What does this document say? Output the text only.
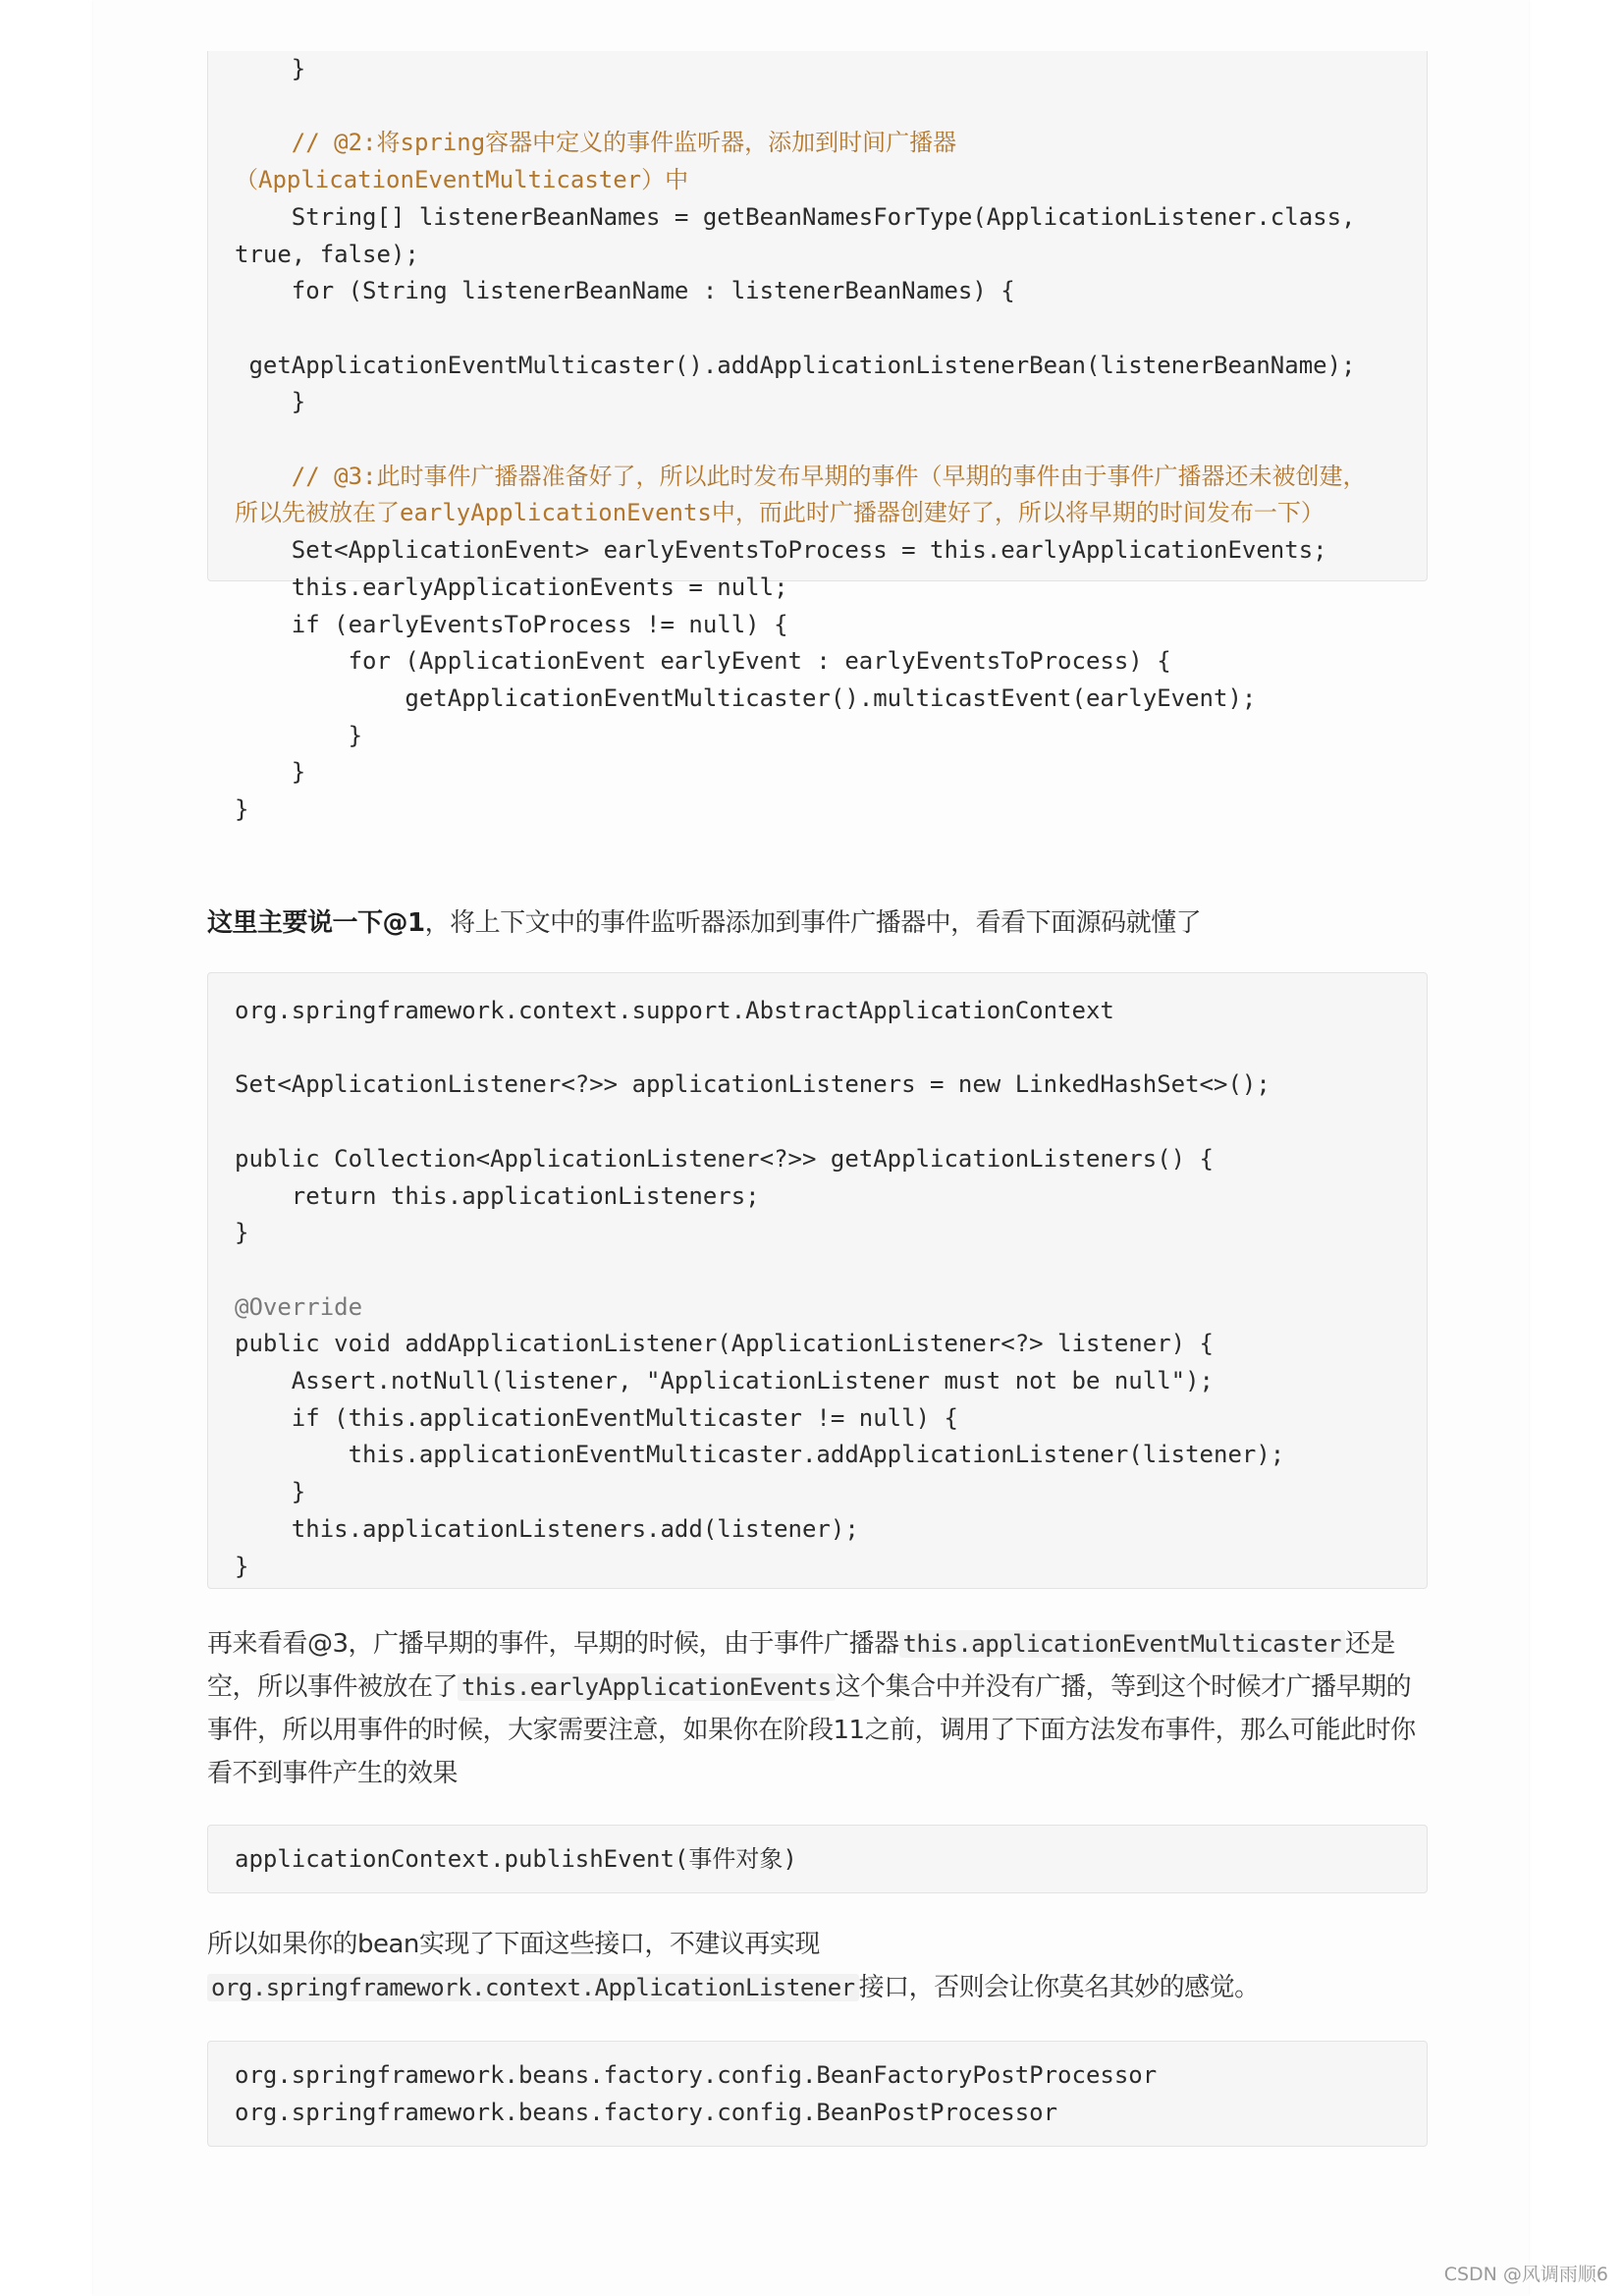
}

// @2:将spring容器中定义的事件监听器，添加到时间广播器
（ApplicationEventMulticaster）中
String[] listenerBeanNames = getBeanNamesForType(ApplicationListener.class,
true, false);
for (String listenerBeanName : listenerBeanNames) {

getApplicationEventMulticaster().addApplicationListenerBean(listenerBeanName);
}

// @3:此时事件广播器准备好了，所以此时发布早期的事件（早期的事件由于事件广播器还未被创建，
所以先被放在了earlyApplicationEvents中，而此时广播器创建好了，所以将早期的时间发布一下）
Set<ApplicationEvent> earlyEventsToProcess = this.earlyApplicationEvents;
this.earlyApplicationEvents = null;
if (earlyEventsToProcess != null) {
for (ApplicationEvent earlyEvent : earlyEventsToProcess) {
getApplicationEventMulticaster().multicastEvent(earlyEvent);
}
}
}
这里主要说一下@1，将上下文中的事件监听器添加到事件广播器中，看看下面源码就懂了
org.springframework.context.support.AbstractApplicationContext

Set<ApplicationListener<?>> applicationListeners = new LinkedHashSet<>();

public Collection<ApplicationListener<?>> getApplicationListeners() {
return this.applicationListeners;
}

@Override
public void addApplicationListener(ApplicationListener<?> listener) {
Assert.notNull(listener, "ApplicationListener must not be null");
if (this.applicationEventMulticaster != null) {
this.applicationEventMulticaster.addApplicationListener(listener);
}
this.applicationListeners.add(listener);
}
再来看看@3，广播早期的事件，早期的时候，由于事件广播器 this.applicationEventMulticaster 还是空，所以事件被放在了 this.earlyApplicationEvents 这个集合中并没有广播，等到这个时候才广播早期的事件，所以用事件的时候，大家需要注意，如果你在阶段11之前，调用了下面方法发布事件，那么可能此时你看不到事件产生的效果
applicationContext.publishEvent(事件对象)
所以如果你的bean实现了下面这些接口，不建议再实现
org.springframework.context.ApplicationListener 接口，否则会让你莫名其妙的感觉。
org.springframework.beans.factory.config.BeanFactoryPostProcessor
org.springframework.beans.factory.config.BeanPostProcessor
CSDN @风调雨顺6
